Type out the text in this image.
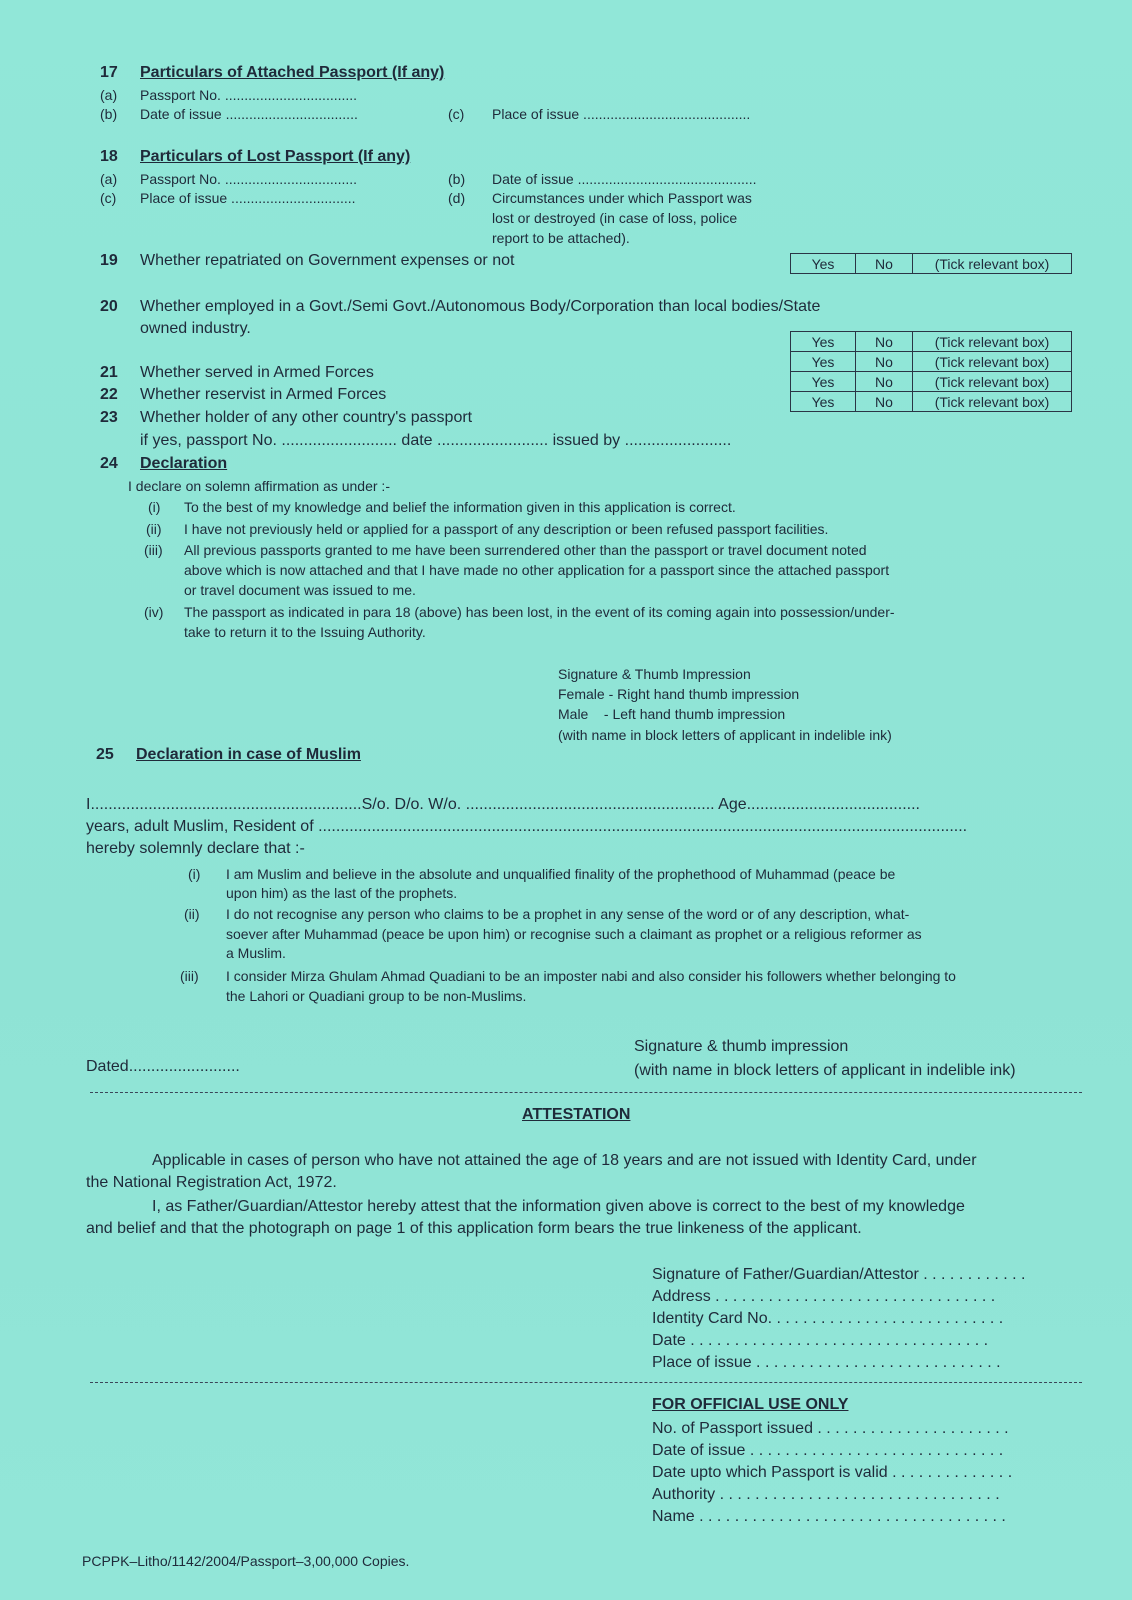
17 Particulars of Attached Passport (If any)
(a) Passport No. ..................................
(b) Date of issue ..................................	(c) Place of issue ...........................................
18 Particulars of Lost Passport (If any)
(a) Passport No. ..................................	(b) Date of issue ..............................................
(c) Place of issue ................................	(d) Circumstances under which Passport was
lost or destroyed (in case of loss, police
report to be attached).
19 Whether repatriated on Government expenses or not	Yes	No	(Tick relevant box)
20 Whether employed in a Govt./Semi Govt./Autonomous Body/Corporation than local bodies/State
owned industry.
Yes	No	(Tick relevant box)
Yes	No	(Tick relevant box)
Yes	No	(Tick relevant box)
Yes	No	(Tick relevant box)
21 Whether served in Armed Forces
22 Whether reservist in Armed Forces
23 Whether holder of any other country's passport
if yes, passport No. .......................... date ......................... issued by ........................
24 Declaration
I declare on solemn affirmation as under :-
(i) To the best of my knowledge and belief the information given in this application is correct.
(ii) I have not previously held or applied for a passport of any description or been refused passport facilities.
(iii) All previous passports granted to me have been surrendered other than the passport or travel document noted
above which is now attached and that I have made no other application for a passport since the attached passport
or travel document was issued to me.
(iv) The passport as indicated in para 18 (above) has been lost, in the event of its coming again into possession/under-
take to return it to the Issuing Authority.
Signature & Thumb Impression
Female - Right hand thumb impression
Male    - Left hand thumb impression
(with name in block letters of applicant in indelible ink)
25 Declaration in case of Muslim
I.............................................................S/o. D/o. W/o. ........................................................ Age.......................................
years, adult Muslim, Resident of ..................................................................................................................................................
hereby solemnly declare that :-
(i) I am Muslim and believe in the absolute and unqualified finality of the prophethood of Muhammad (peace be
upon him) as the last of the prophets.
(ii) I do not recognise any person who claims to be a prophet in any sense of the word or of any description, what-
soever after Muhammad (peace be upon him) or recognise such a claimant as prophet or a religious reformer as
a Muslim.
(iii) I consider Mirza Ghulam Ahmad Quadiani to be an imposter nabi and also consider his followers whether belonging to
the Lahori or Quadiani group to be non-Muslims.
Signature & thumb impression
Dated.........................	(with name in block letters of applicant in indelible ink)
ATTESTATION
Applicable in cases of person who have not attained the age of 18 years and are not issued with Identity Card, under
the National Registration Act, 1972.
I, as Father/Guardian/Attestor hereby attest that the information given above is correct to the best of my knowledge
and belief and that the photograph on page 1 of this application form bears the true linkeness of the applicant.
Signature of Father/Guardian/Attestor . . . . . . . . . . . .
Address . . . . . . . . . . . . . . . . . . . . . . . . . . . . . . . .
Identity Card No. . . . . . . . . . . . . . . . . . . . . . . . . . .
Date . . . . . . . . . . . . . . . . . . . . . . . . . . . . . . . . . .
Place of issue . . . . . . . . . . . . . . . . . . . . . . . . . . . .
FOR OFFICIAL USE ONLY
No. of Passport issued . . . . . . . . . . . . . . . . . . . . . .
Date of issue . . . . . . . . . . . . . . . . . . . . . . . . . . . . .
Date upto which Passport is valid . . . . . . . . . . . . . .
Authority . . . . . . . . . . . . . . . . . . . . . . . . . . . . . . . .
Name . . . . . . . . . . . . . . . . . . . . . . . . . . . . . . . . . . .
PCPPK–Litho/1142/2004/Passport–3,00,000 Copies.
